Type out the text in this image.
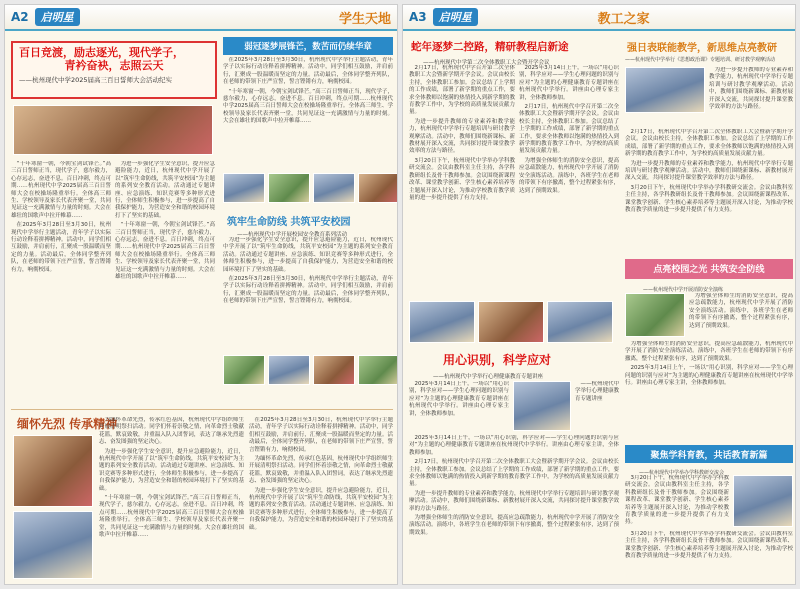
A2	启明星	学生天地
百日竞渡，励志逐光，现代学子，
青衿奋袂，志照云天
——杭州现代中学2025届高三百日誓师大会活动纪实

“十年寒窗一朝，今朝宝剑试锋芒。”高三百日誓师正当，现代学子，慈尔毅力，心存远志，奋进不息。百日冲刺，终点可期……杭州现代中学2025届高三百日誓师大会在校操场隆重举行。全体高三师生、学校领导及家长代表齐聚一堂，共同见证这一充满激情与力量的时刻。大会在雄壮的国歌声中拉开帷幕……

在2025年3月28日至3月30日，杭州现代中学举行主题活动，青年学子以实际行动诠释着拼搏精神。活动中，同学们相互鼓励，并肩前行，汇聚成一股温暖而坚定的力量。活动最后，全体同学整齐列队，在老师的带领下庄严宣誓，誓言铿锵有力，响彻校园。

为进一步强化学生安全意识，提升应急避险能力，近日，杭州现代中学开展了以“筑牢生命防线，共筑平安校园”为主题的系列安全教育活动。活动通过专题讲座、应急演练、知识竞赛等多种形式进行，全体师生积极参与，进一步提高了自我保护能力，为营造安全和谐的校园环境打下了坚实的基础。

“十年寒窗一朝，今朝宝剑试锋芒。”高三百日誓师正当，现代学子，慈尔毅力，心存远志，奋进不息。百日冲刺，终点可期……杭州现代中学2025届高三百日誓师大会在校操场隆重举行。全体高三师生、学校领导及家长代表齐聚一堂，共同见证这一充满激情与力量的时刻。大会在雄壮的国歌声中拉开帷幕……

弱冠逐梦展锋芒，数苦而仍续华章

在2025年3月28日至3月30日，杭州现代中学举行主题活动，青年学子以实际行动诠释着拼搏精神。活动中，同学们相互鼓励，并肩前行，汇聚成一股温暖而坚定的力量。活动最后，全体同学整齐列队，在老师的带领下庄严宣誓，誓言铿锵有力，响彻校园。

“十年寒窗一朝，今朝宝剑试锋芒。”高三百日誓师正当，现代学子，慈尔毅力，心存远志，奋进不息。百日冲刺，终点可期……杭州现代中学2025届高三百日誓师大会在校操场隆重举行。全体高三师生、学校领导及家长代表齐聚一堂，共同见证这一充满激情与力量的时刻。大会在雄壮的国歌声中拉开帷幕……

筑牢生命防线 共筑平安校园
——杭州现代中学开展校园安全教育系列活动

为进一步强化学生安全意识，提升应急避险能力，近日，杭州现代中学开展了以“筑牢生命防线，共筑平安校园”为主题的系列安全教育活动。活动通过专题讲座、应急演练、知识竞赛等多种形式进行，全体师生积极参与，进一步提高了自我保护能力，为营造安全和谐的校园环境打下了坚实的基础。

在2025年3月28日至3月30日，杭州现代中学举行主题活动，青年学子以实际行动诠释着拼搏精神。活动中，同学们相互鼓励，并肩前行，汇聚成一股温暖而坚定的力量。活动最后，全体同学整齐列队，在老师的带领下庄严宣誓，誓言铿锵有力，响彻校园。

缅怀先烈 传承精神

为缅怀革命先烈，传承红色基因，杭州现代中学组织师生开展清明祭扫活动。同学们怀着崇敬之情，向革命烈士敬献花篮，默哀致敬，并重温入队入团誓词，表达了继承先烈遗志、奋发图强的坚定决心。

为进一步强化学生安全意识，提升应急避险能力，近日，杭州现代中学开展了以“筑牢生命防线，共筑平安校园”为主题的系列安全教育活动。活动通过专题讲座、应急演练、知识竞赛等多种形式进行，全体师生积极参与，进一步提高了自我保护能力，为营造安全和谐的校园环境打下了坚实的基础。

“十年寒窗一朝，今朝宝剑试锋芒。”高三百日誓师正当，现代学子，慈尔毅力，心存远志，奋进不息。百日冲刺，终点可期……杭州现代中学2025届高三百日誓师大会在校操场隆重举行。全体高三师生、学校领导及家长代表齐聚一堂，共同见证这一充满激情与力量的时刻。大会在雄壮的国歌声中拉开帷幕……

在2025年3月28日至3月30日，杭州现代中学举行主题活动，青年学子以实际行动诠释着拼搏精神。活动中，同学们相互鼓励，并肩前行，汇聚成一股温暖而坚定的力量。活动最后，全体同学整齐列队，在老师的带领下庄严宣誓，誓言铿锵有力，响彻校园。

为缅怀革命先烈，传承红色基因，杭州现代中学组织师生开展清明祭扫活动。同学们怀着崇敬之情，向革命烈士敬献花篮，默哀致敬，并重温入队入团誓词，表达了继承先烈遗志、奋发图强的坚定决心。

为进一步强化学生安全意识，提升应急避险能力，近日，杭州现代中学开展了以“筑牢生命防线，共筑平安校园”为主题的系列安全教育活动。活动通过专题讲座、应急演练、知识竞赛等多种形式进行，全体师生积极参与，进一步提高了自我保护能力，为营造安全和谐的校园环境打下了坚实的基础。

A3	启明星	教工之家
蛇年逐梦二控路，精研教程启新途
——杭州现代中学第二次全体教职工大会暨开学会议

2月17日，杭州现代中学召开第二次全体教职工大会暨新学期开学会议。会议由校长主持，全体教职工参加。会议总结了上学期的工作成绩，部署了新学期的重点工作，要求全体教师以饱满的热情投入到新学期的教育教学工作中，为学校的高质量发展贡献力量。

为进一步提升教师的专业素养和教学能力，杭州现代中学举行专题培训与研讨教学观摩活动。活动中，教师们围绕新课标、新教材展开深入交流，共同探讨提升课堂教学效率的方法与路径。

3月20日下午，杭州现代中学举办学科教研交流会。会议由教科室主任主持，各学科教研组长及骨干教师参加。会议围绕新课程改革、课堂教学创新、学生核心素养培养等主题展开深入讨论，为推动学校教育教学质量的进一步提升提供了有力支持。

2025年3月14日上午，一场以“用心识别，科学应对——学生心理问题的识别与应对”为主题的心理健康教育专题讲座在杭州现代中学举行。讲座由心理专家主讲，全体教师参加。

2月17日，杭州现代中学召开第二次全体教职工大会暨新学期开学会议。会议由校长主持，全体教职工参加。会议总结了上学期的工作成绩，部署了新学期的重点工作，要求全体教师以饱满的热情投入到新学期的教育教学工作中，为学校的高质量发展贡献力量。

为增强全体师生的消防安全意识，提高应急疏散能力，杭州现代中学开展了消防安全演练活动。演练中，各班学生在老师的带领下有序撤离，整个过程紧张有序，达到了预期效果。

强日表联能教学，新思维点亮教研
——杭州现代中学举行《思想政治课》专题培训、研讨教学观摩活动

为进一步提升教师的专业素养和教学能力，杭州现代中学举行专题培训与研讨教学观摩活动。活动中，教师们围绕新课标、新教材展开深入交流，共同探讨提升课堂教学效率的方法与路径。

2月17日，杭州现代中学召开第二次全体教职工大会暨新学期开学会议。会议由校长主持，全体教职工参加。会议总结了上学期的工作成绩，部署了新学期的重点工作，要求全体教师以饱满的热情投入到新学期的教育教学工作中，为学校的高质量发展贡献力量。

为进一步提升教师的专业素养和教学能力，杭州现代中学举行专题培训与研讨教学观摩活动。活动中，教师们围绕新课标、新教材展开深入交流，共同探讨提升课堂教学效率的方法与路径。

3月20日下午，杭州现代中学举办学科教研交流会。会议由教科室主任主持，各学科教研组长及骨干教师参加。会议围绕新课程改革、课堂教学创新、学生核心素养培养等主题展开深入讨论，为推动学校教育教学质量的进一步提升提供了有力支持。

点亮校园之光 共筑安全防线
——杭州现代中学开展消防安全演练

为增强全体师生的消防安全意识，提高应急疏散能力，杭州现代中学开展了消防安全演练活动。演练中，各班学生在老师的带领下有序撤离，整个过程紧张有序，达到了预期效果。

为增强全体师生的消防安全意识，提高应急疏散能力，杭州现代中学开展了消防安全演练活动。演练中，各班学生在老师的带领下有序撤离，整个过程紧张有序，达到了预期效果。

2025年3月14日上午，一场以“用心识别，科学应对——学生心理问题的识别与应对”为主题的心理健康教育专题讲座在杭州现代中学举行。讲座由心理专家主讲，全体教师参加。

用心识别，科学应对
——杭州现代中学举行心理健康教育专题讲座

2025年3月14日上午，一场以“用心识别，科学应对——学生心理问题的识别与应对”为主题的心理健康教育专题讲座在杭州现代中学举行。讲座由心理专家主讲，全体教师参加。

——杭州现代中学举行心理健康教育专题讲座

2025年3月14日上午，一场以“用心识别，科学应对——学生心理问题的识别与应对”为主题的心理健康教育专题讲座在杭州现代中学举行。讲座由心理专家主讲，全体教师参加。

2月17日，杭州现代中学召开第二次全体教职工大会暨新学期开学会议。会议由校长主持，全体教职工参加。会议总结了上学期的工作成绩，部署了新学期的重点工作，要求全体教师以饱满的热情投入到新学期的教育教学工作中，为学校的高质量发展贡献力量。

为进一步提升教师的专业素养和教学能力，杭州现代中学举行专题培训与研讨教学观摩活动。活动中，教师们围绕新课标、新教材展开深入交流，共同探讨提升课堂教学效率的方法与路径。

为增强全体师生的消防安全意识，提高应急疏散能力，杭州现代中学开展了消防安全演练活动。演练中，各班学生在老师的带领下有序撤离，整个过程紧张有序，达到了预期效果。

聚焦学科育教，共话教育新篇
——杭州现代中学举办学科教研交流会

3月20日下午，杭州现代中学举办学科教研交流会。会议由教科室主任主持，各学科教研组长及骨干教师参加。会议围绕新课程改革、课堂教学创新、学生核心素养培养等主题展开深入讨论，为推动学校教育教学质量的进一步提升提供了有力支持。

3月20日下午，杭州现代中学举办学科教研交流会。会议由教科室主任主持，各学科教研组长及骨干教师参加。会议围绕新课程改革、课堂教学创新、学生核心素养培养等主题展开深入讨论，为推动学校教育教学质量的进一步提升提供了有力支持。
